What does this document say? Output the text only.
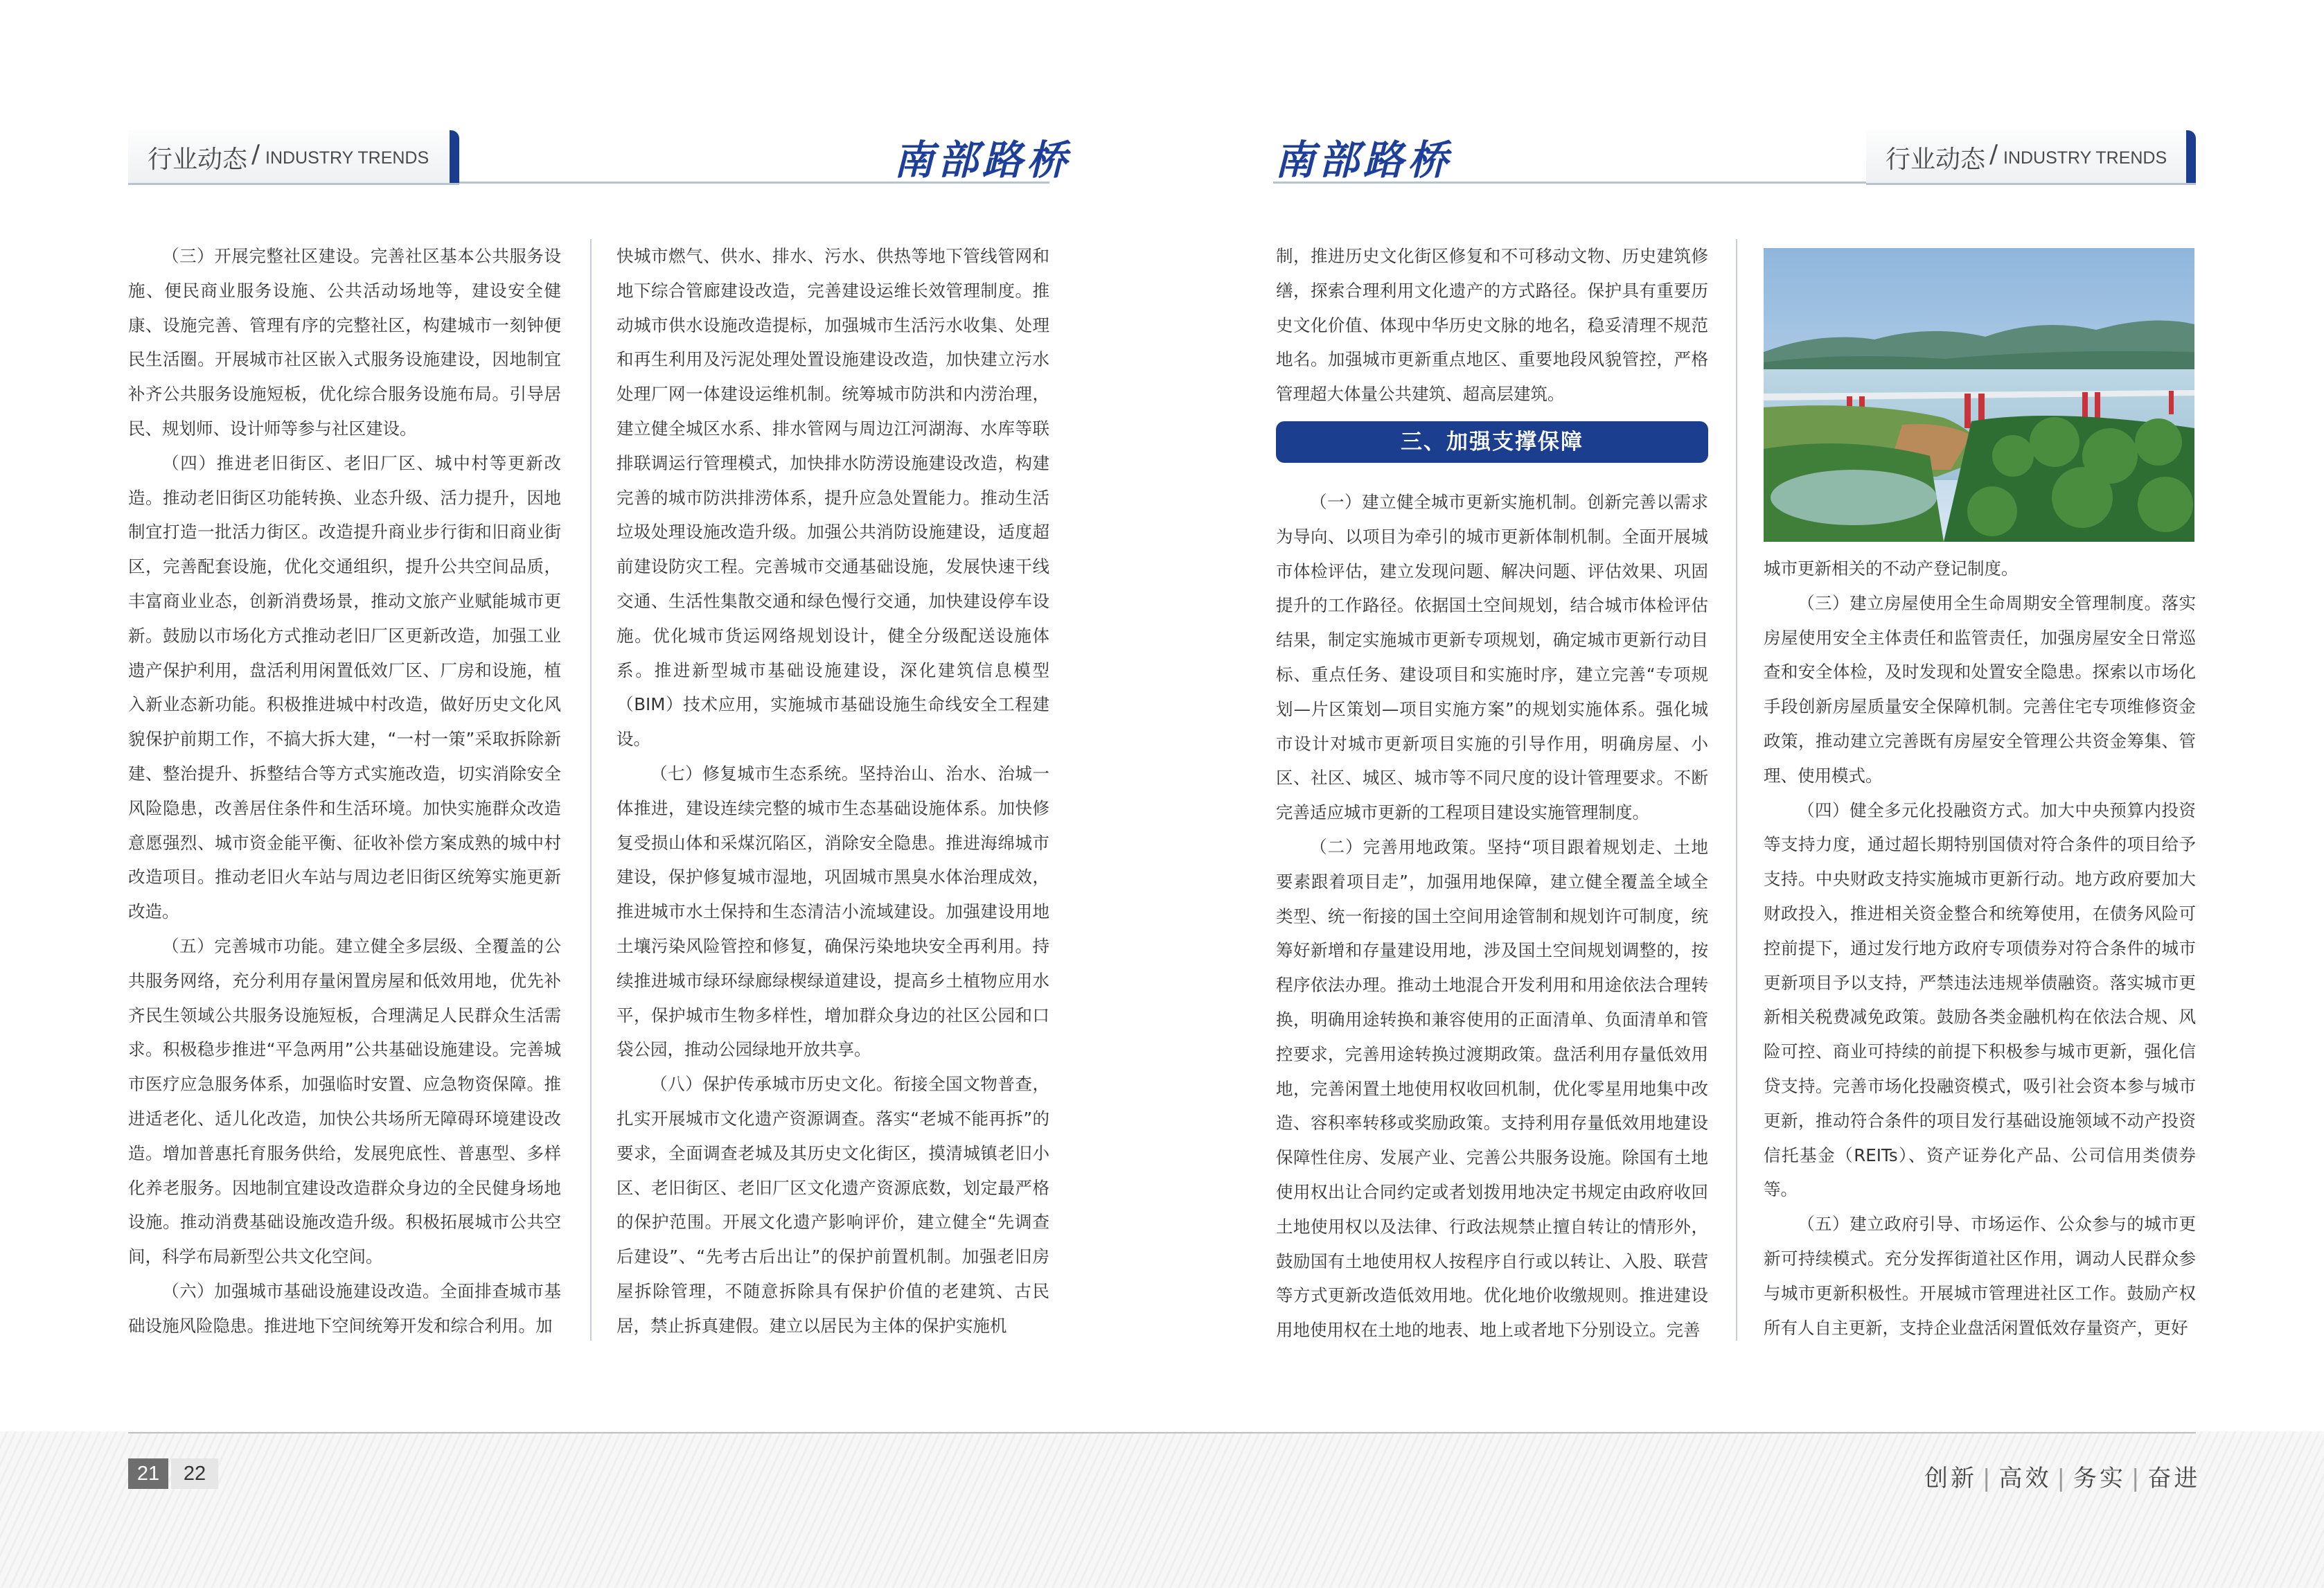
行业动态 / INDUSTRY TRENDS	南部路桥

（三）开展完整社区建设。完善社区基本公共服务设施、便民商业服务设施、公共活动场地等，建设安全健康、设施完善、管理有序的完整社区，构建城市一刻钟便民生活圈。开展城市社区嵌入式服务设施建设，因地制宜补齐公共服务设施短板，优化综合服务设施布局。引导居民、规划师、设计师等参与社区建设。

（四）推进老旧街区、老旧厂区、城中村等更新改造。推动老旧街区功能转换、业态升级、活力提升，因地制宜打造一批活力街区。改造提升商业步行街和旧商业街区，完善配套设施，优化交通组织，提升公共空间品质，丰富商业业态，创新消费场景，推动文旅产业赋能城市更新。鼓励以市场化方式推动老旧厂区更新改造，加强工业遗产保护利用，盘活利用闲置低效厂区、厂房和设施，植入新业态新功能。积极推进城中村改造，做好历史文化风貌保护前期工作，不搞大拆大建，“一村一策”采取拆除新建、整治提升、拆整结合等方式实施改造，切实消除安全风险隐患，改善居住条件和生活环境。加快实施群众改造意愿强烈、城市资金能平衡、征收补偿方案成熟的城中村改造项目。推动老旧火车站与周边老旧街区统筹实施更新改造。

（五）完善城市功能。建立健全多层级、全覆盖的公共服务网络，充分利用存量闲置房屋和低效用地，优先补齐民生领域公共服务设施短板，合理满足人民群众生活需求。积极稳步推进“平急两用”公共基础设施建设。完善城市医疗应急服务体系，加强临时安置、应急物资保障。推进适老化、适儿化改造，加快公共场所无障碍环境建设改造。增加普惠托育服务供给，发展兜底性、普惠型、多样化养老服务。因地制宜建设改造群众身边的全民健身场地设施。推动消费基础设施改造升级。积极拓展城市公共空间，科学布局新型公共文化空间。

（六）加强城市基础设施建设改造。全面排查城市基础设施风险隐患。推进地下空间统筹开发和综合利用。加

快城市燃气、供水、排水、污水、供热等地下管线管网和地下综合管廊建设改造，完善建设运维长效管理制度。推动城市供水设施改造提标，加强城市生活污水收集、处理和再生利用及污泥处理处置设施建设改造，加快建立污水处理厂网一体建设运维机制。统筹城市防洪和内涝治理，建立健全城区水系、排水管网与周边江河湖海、水库等联排联调运行管理模式，加快排水防涝设施建设改造，构建完善的城市防洪排涝体系，提升应急处置能力。推动生活垃圾处理设施改造升级。加强公共消防设施建设，适度超前建设防灾工程。完善城市交通基础设施，发展快速干线交通、生活性集散交通和绿色慢行交通，加快建设停车设施。优化城市货运网络规划设计，健全分级配送设施体系。推进新型城市基础设施建设，深化建筑信息模型（BIM）技术应用，实施城市基础设施生命线安全工程建设。

（七）修复城市生态系统。坚持治山、治水、治城一体推进，建设连续完整的城市生态基础设施体系。加快修复受损山体和采煤沉陷区，消除安全隐患。推进海绵城市建设，保护修复城市湿地，巩固城市黑臭水体治理成效，推进城市水土保持和生态清洁小流域建设。加强建设用地土壤污染风险管控和修复，确保污染地块安全再利用。持续推进城市绿环绿廊绿楔绿道建设，提高乡土植物应用水平，保护城市生物多样性，增加群众身边的社区公园和口袋公园，推动公园绿地开放共享。

（八）保护传承城市历史文化。衔接全国文物普查，扎实开展城市文化遗产资源调查。落实“老城不能再拆”的要求，全面调查老城及其历史文化街区，摸清城镇老旧小区、老旧街区、老旧厂区文化遗产资源底数，划定最严格的保护范围。开展文化遗产影响评价，建立健全“先调查后建设”、“先考古后出让”的保护前置机制。加强老旧房屋拆除管理，不随意拆除具有保护价值的老建筑、古民居，禁止拆真建假。建立以居民为主体的保护实施机

南部路桥	行业动态 / INDUSTRY TRENDS

制，推进历史文化街区修复和不可移动文物、历史建筑修缮，探索合理利用文化遗产的方式路径。保护具有重要历史文化价值、体现中华历史文脉的地名，稳妥清理不规范地名。加强城市更新重点地区、重要地段风貌管控，严格管理超大体量公共建筑、超高层建筑。

三、加强支撑保障

（一）建立健全城市更新实施机制。创新完善以需求为导向、以项目为牵引的城市更新体制机制。全面开展城市体检评估，建立发现问题、解决问题、评估效果、巩固提升的工作路径。依据国土空间规划，结合城市体检评估结果，制定实施城市更新专项规划，确定城市更新行动目标、重点任务、建设项目和实施时序，建立完善“专项规划—片区策划—项目实施方案”的规划实施体系。强化城市设计对城市更新项目实施的引导作用，明确房屋、小区、社区、城区、城市等不同尺度的设计管理要求。不断完善适应城市更新的工程项目建设实施管理制度。

（二）完善用地政策。坚持“项目跟着规划走、土地要素跟着项目走”，加强用地保障，建立健全覆盖全域全类型、统一衔接的国土空间用途管制和规划许可制度，统筹好新增和存量建设用地，涉及国土空间规划调整的，按程序依法办理。推动土地混合开发利用和用途依法合理转换，明确用途转换和兼容使用的正面清单、负面清单和管控要求，完善用途转换过渡期政策。盘活利用存量低效用地，完善闲置土地使用权收回机制，优化零星用地集中改造、容积率转移或奖励政策。支持利用存量低效用地建设保障性住房、发展产业、完善公共服务设施。除国有土地使用权出让合同约定或者划拨用地决定书规定由政府收回土地使用权以及法律、行政法规禁止擅自转让的情形外，鼓励国有土地使用权人按程序自行或以转让、入股、联营等方式更新改造低效用地。优化地价收缴规则。推进建设用地使用权在土地的地表、地上或者地下分别设立。完善

城市更新相关的不动产登记制度。

（三）建立房屋使用全生命周期安全管理制度。落实房屋使用安全主体责任和监管责任，加强房屋安全日常巡查和安全体检，及时发现和处置安全隐患。探索以市场化手段创新房屋质量安全保障机制。完善住宅专项维修资金政策，推动建立完善既有房屋安全管理公共资金筹集、管理、使用模式。

（四）健全多元化投融资方式。加大中央预算内投资等支持力度，通过超长期特别国债对符合条件的项目给予支持。中央财政支持实施城市更新行动。地方政府要加大财政投入，推进相关资金整合和统筹使用，在债务风险可控前提下，通过发行地方政府专项债券对符合条件的城市更新项目予以支持，严禁违法违规举债融资。落实城市更新相关税费减免政策。鼓励各类金融机构在依法合规、风险可控、商业可持续的前提下积极参与城市更新，强化信贷支持。完善市场化投融资模式，吸引社会资本参与城市更新，推动符合条件的项目发行基础设施领域不动产投资信托基金（REITs）、资产证券化产品、公司信用类债券等。

（五）建立政府引导、市场运作、公众参与的城市更新可持续模式。充分发挥街道社区作用，调动人民群众参与城市更新积极性。开展城市管理进社区工作。鼓励产权所有人自主更新，支持企业盘活闲置低效存量资产，更好

21	22	创新 | 高效 | 务实 | 奋进
